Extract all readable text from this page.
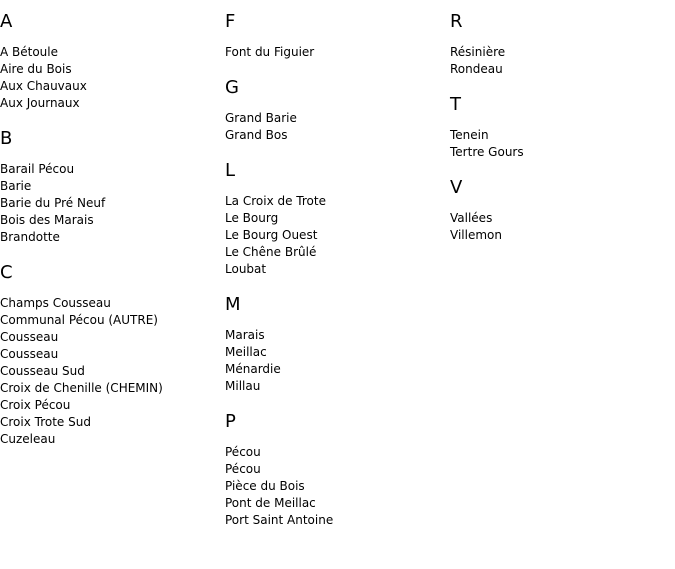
A
A Bétoule
Aire du Bois
Aux Chauvaux
Aux Journaux
B
Barail Pécou
Barie
Barie du Pré Neuf
Bois des Marais
Brandotte
C
Champs Cousseau
Communal Pécou (AUTRE)
Cousseau
Cousseau
Cousseau Sud
Croix de Chenille (CHEMIN)
Croix Pécou
Croix Trote Sud
Cuzeleau
F
Font du Figuier
G
Grand Barie
Grand Bos
L
La Croix de Trote
Le Bourg
Le Bourg Ouest
Le Chêne Brûlé
Loubat
M
Marais
Meillac
Ménardie
Millau
P
Pécou
Pécou
Pièce du Bois
Pont de Meillac
Port Saint Antoine
R
Résinière
Rondeau
T
Tenein
Tertre Gours
V
Vallées
Villemon
